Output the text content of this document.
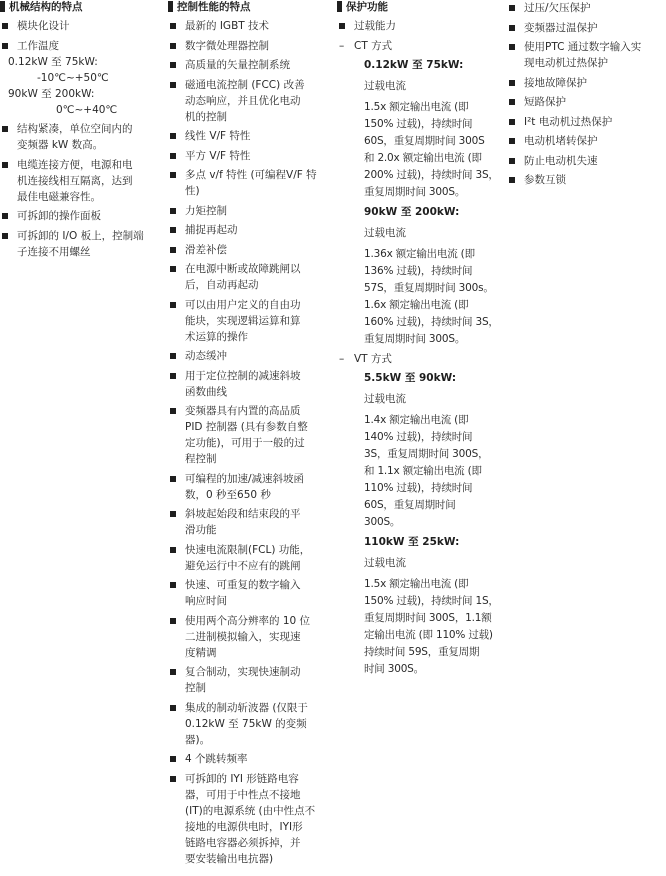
机械结构的特点
模块化设计
工作温度
0.12kW 至 75kW:
-10℃~+50℃
90kW 至 200kW:
0℃~+40℃
结构紧凑，单位空间内的
变频器 kW 数高。
电缆连接方便，电源和电
机连接线相互隔离，达到
最佳电磁兼容性。
可拆卸的操作面板
可拆卸的 I/O 板上，控制端
子连接不用螺丝
控制性能的特点
最新的 IGBT 技术
数字微处理器控制
高质量的矢量控制系统
磁通电流控制 (FCC) 改善
动态响应，并且优化电动
机的控制
线性 V/F 特性
平方 V/F 特性
多点 v/f 特性 (可编程V/F 特
性)
力矩控制
捕捉再起动
滑差补偿
在电源中断或故障跳闸以
后，自动再起动
可以由用户定义的自由功
能块，实现逻辑运算和算
术运算的操作
动态缓冲
用于定位控制的减速斜坡
函数曲线
变频器具有内置的高品质
PID 控制器 (具有参数自整
定功能)，可用于一般的过
程控制
可编程的加速/减速斜坡函
数，0 秒至650 秒
斜坡起始段和结束段的平
滑功能
快速电流限制(FCL) 功能，
避免运行中不应有的跳闸
快速、可重复的数字输入
响应时间
使用两个高分辨率的 10 位
二进制模拟输入，实现速
度精调
复合制动，实现快速制动
控制
集成的制动斩波器 (仅限于
0.12kW 至 75kW 的变频
器)。
4 个跳转频率
可拆卸的 IYI 形链路电容
器，可用于中性点不接地
(IT)的电源系统 (由中性点不
接地的电源供电时，IYI形
链路电容器必须拆掉，并
要安装输出电抗器)
保护功能
过载能力
– CT 方式
0.12kW 至 75kW:
过载电流
1.5x 额定输出电流 (即
150% 过载)，持续时间
60S，重复周期时间 300S
和 2.0x 额定输出电流 (即
200% 过载)，持续时间 3S，
重复周期时间 300S。
90kW 至 200kW:
过载电流
1.36x 额定输出电流 (即
136% 过载)，持续时间
57S，重复周期时间 300s。
1.6x 额定输出电流 (即
160% 过载)，持续时间 3S，
重复周期时间 300S。
– VT 方式
5.5kW 至 90kW:
过载电流
1.4x 额定输出电流 (即
140% 过载)，持续时间
3S，重复周期时间 300S，
和 1.1x 额定输出电流 (即
110% 过载)，持续时间
60S，重复周期时间
300S。
110kW 至 25kW:
过载电流
1.5x 额定输出电流 (即
150% 过载)，持续时间 1S，
重复周期时间 300S，1.1额
定输出电流 (即 110% 过载)
持续时间 59S，重复周期
时间 300S。
过压/欠压保护
变频器过温保护
使用PTC 通过数字输入实
现电动机过热保护
接地故障保护
短路保护
I²t 电动机过热保护
电动机堵转保护
防止电动机失速
参数互锁
